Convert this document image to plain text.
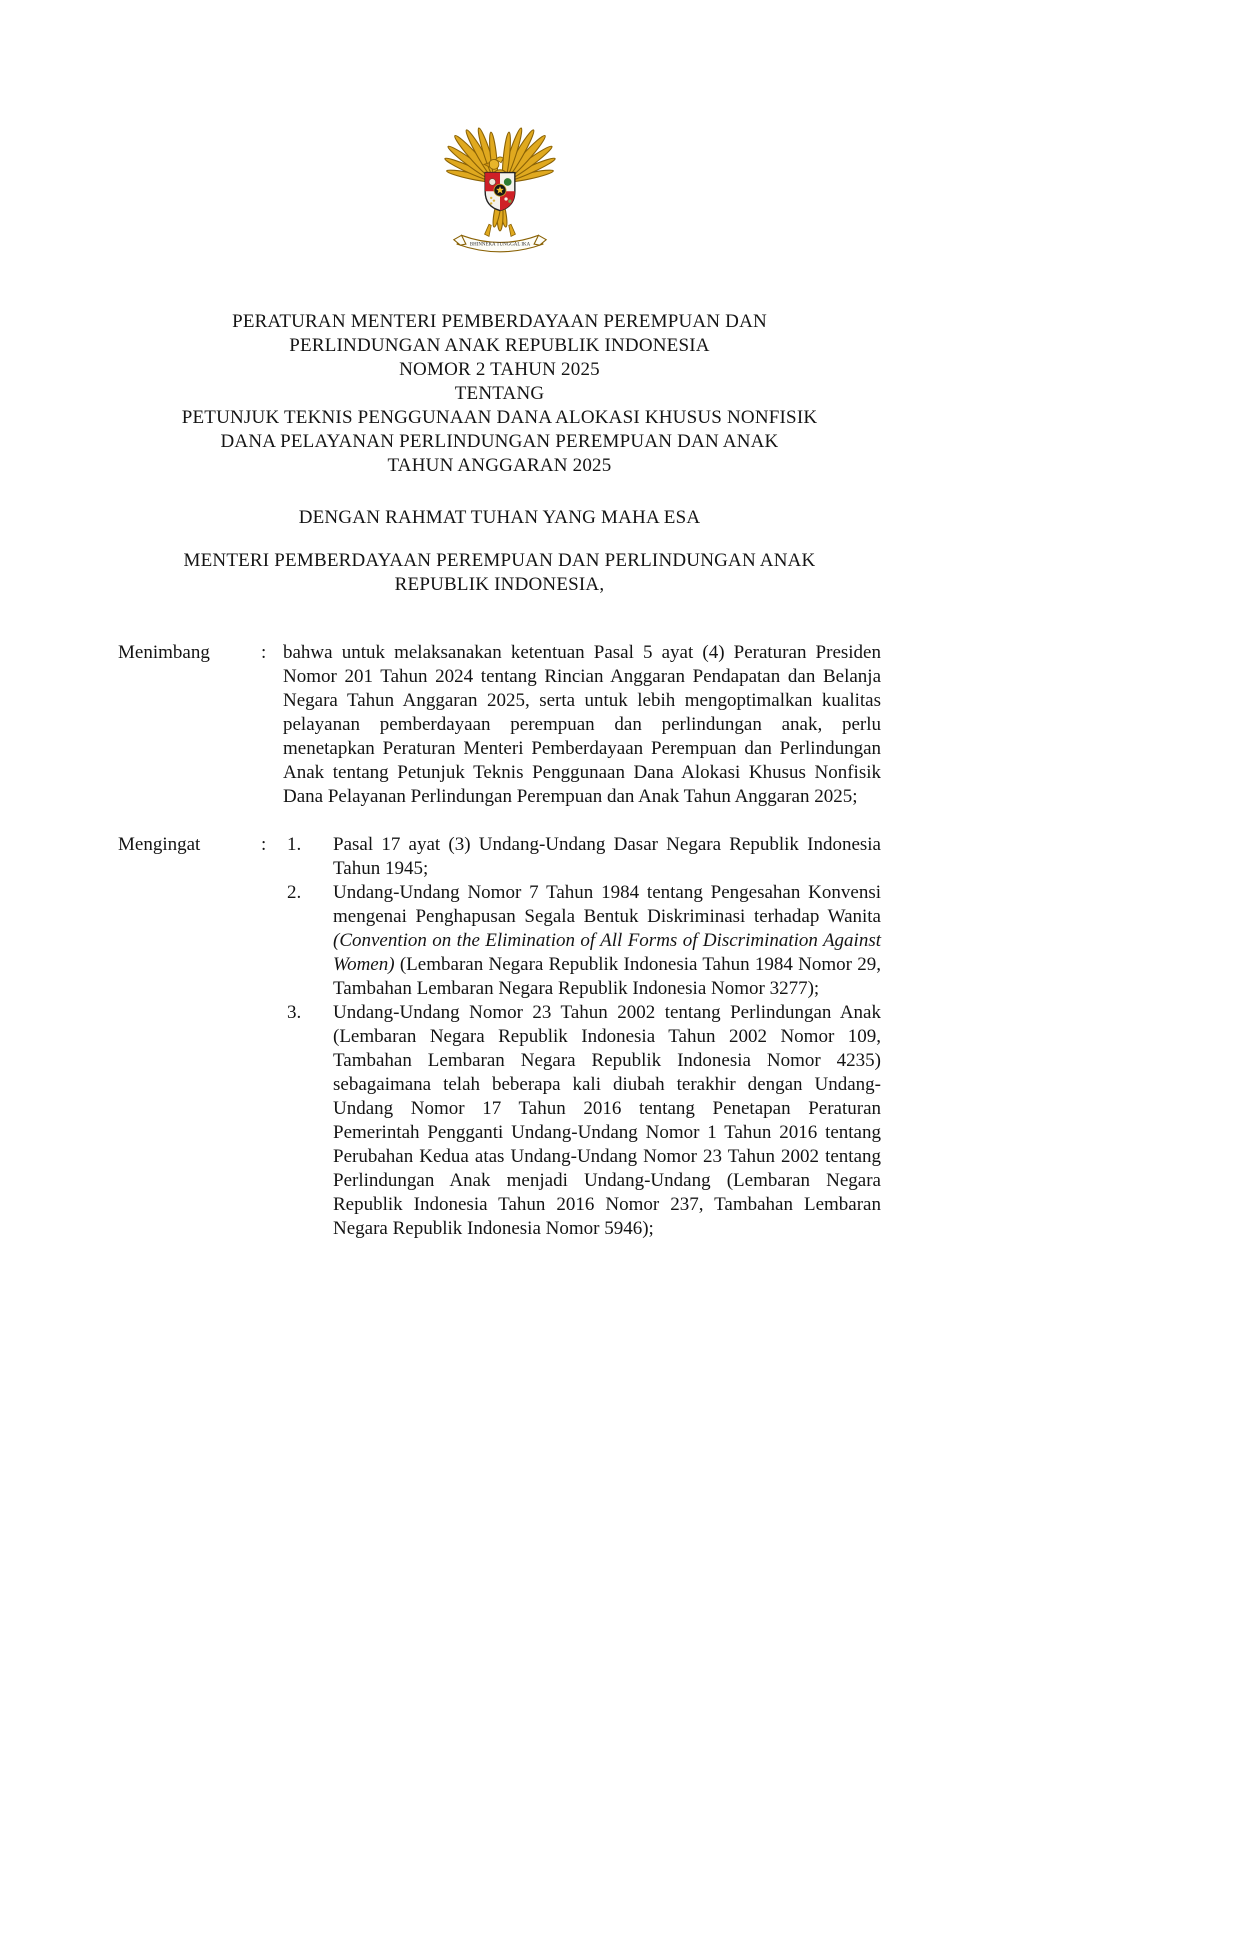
BHINNEKA TUNGGAL IKA
PERATURAN MENTERI PEMBERDAYAAN PEREMPUAN DAN
PERLINDUNGAN ANAK REPUBLIK INDONESIA
NOMOR 2 TAHUN 2025
TENTANG
PETUNJUK TEKNIS PENGGUNAAN DANA ALOKASI KHUSUS NONFISIK
DANA PELAYANAN PERLINDUNGAN PEREMPUAN DAN ANAK
TAHUN ANGGARAN 2025
DENGAN RAHMAT TUHAN YANG MAHA ESA
MENTERI PEMBERDAYAAN PEREMPUAN DAN PERLINDUNGAN ANAK
REPUBLIK INDONESIA,
Menimbang	: bahwa untuk melaksanakan ketentuan Pasal 5 ayat (4) Peraturan Presiden Nomor 201 Tahun 2024 tentang Rincian Anggaran Pendapatan dan Belanja Negara Tahun Anggaran 2025, serta untuk lebih mengoptimalkan kualitas pelayanan pemberdayaan perempuan dan perlindungan anak, perlu menetapkan Peraturan Menteri Pemberdayaan Perempuan dan Perlindungan Anak tentang Petunjuk Teknis Penggunaan Dana Alokasi Khusus Nonfisik Dana Pelayanan Perlindungan Perempuan dan Anak Tahun Anggaran 2025;
Mengingat	:	1.	Pasal 17 ayat (3) Undang-Undang Dasar Negara Republik Indonesia Tahun 1945;
2.	Undang-Undang Nomor 7 Tahun 1984 tentang Pengesahan Konvensi mengenai Penghapusan Segala Bentuk Diskriminasi terhadap Wanita (Convention on the Elimination of All Forms of Discrimination Against Women) (Lembaran Negara Republik Indonesia Tahun 1984 Nomor 29, Tambahan Lembaran Negara Republik Indonesia Nomor 3277);
3.	Undang-Undang Nomor 23 Tahun 2002 tentang Perlindungan Anak (Lembaran Negara Republik Indonesia Tahun 2002 Nomor 109, Tambahan Lembaran Negara Republik Indonesia Nomor 4235) sebagaimana telah beberapa kali diubah terakhir dengan Undang-Undang Nomor 17 Tahun 2016 tentang Penetapan Peraturan Pemerintah Pengganti Undang-Undang Nomor 1 Tahun 2016 tentang Perubahan Kedua atas Undang-Undang Nomor 23 Tahun 2002 tentang Perlindungan Anak menjadi Undang-Undang (Lembaran Negara Republik Indonesia Tahun 2016 Nomor 237, Tambahan Lembaran Negara Republik Indonesia Nomor 5946);
